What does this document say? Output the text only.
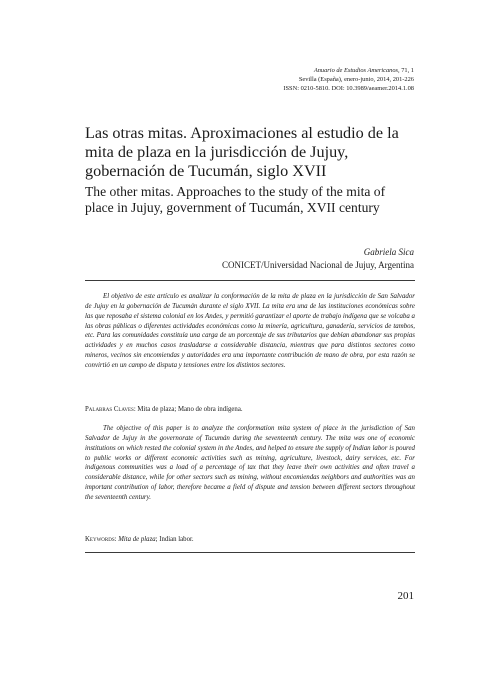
Anuario de Estudios Americanos, 71, 1
Sevilla (España), enero-junio, 2014, 201-226
ISSN: 0210-5810. DOI: 10.3989/aeamer.2014.1.08
Las otras mitas. Aproximaciones al estudio de la mita de plaza en la jurisdicción de Jujuy, gobernación de Tucumán, siglo XVII
The other mitas. Approaches to the study of the mita of place in Jujuy, government of Tucumán, XVII century
Gabriela Sica
CONICET/Universidad Nacional de Jujuy, Argentina

El objetivo de este artículo es analizar la conformación de la mita de plaza en la jurisdicción de San Salvador de Jujuy en la gobernación de Tucumán durante el siglo XVII. La mita era una de las instituciones económicas sobre las que reposaba el sistema colonial en los Andes, y permitió garantizar el aporte de trabajo indígena que se volcaba a las obras públicas o diferentes actividades económicas como la minería, agricultura, ganadería, servicios de tambos, etc. Para las comunidades constituía una carga de un porcentaje de sus tributarios que debían abandonar sus propias actividades y en muchos casos trasladarse a considerable distancia, mientras que para distintos sectores como mineros, vecinos sin encomiendas y autoridades era una importante contribución de mano de obra, por esta razón se convirtió en un campo de disputa y tensiones entre los distintos sectores.

Palabras Claves: Mita de plaza; Mano de obra indígena.

The objective of this paper is to analyze the conformation mita system of place in the jurisdiction of San Salvador de Jujuy in the governorate of Tucumán during the seventeenth century. The mita was one of economic institutions on which rested the colonial system in the Andes, and helped to ensure the supply of Indian labor is poured to public works or different economic activities such as mining, agriculture, livestock, dairy services, etc. For indigenous communities was a load of a percentage of tax that they leave their own activities and often travel a considerable distance, while for other sectors such as mining, without encomiendas neighbors and authorities was an important contribution of labor, therefore became a field of dispute and tension between different sectors throughout the seventeenth century.

Keywords: Mita de plaza; Indian labor.
201
